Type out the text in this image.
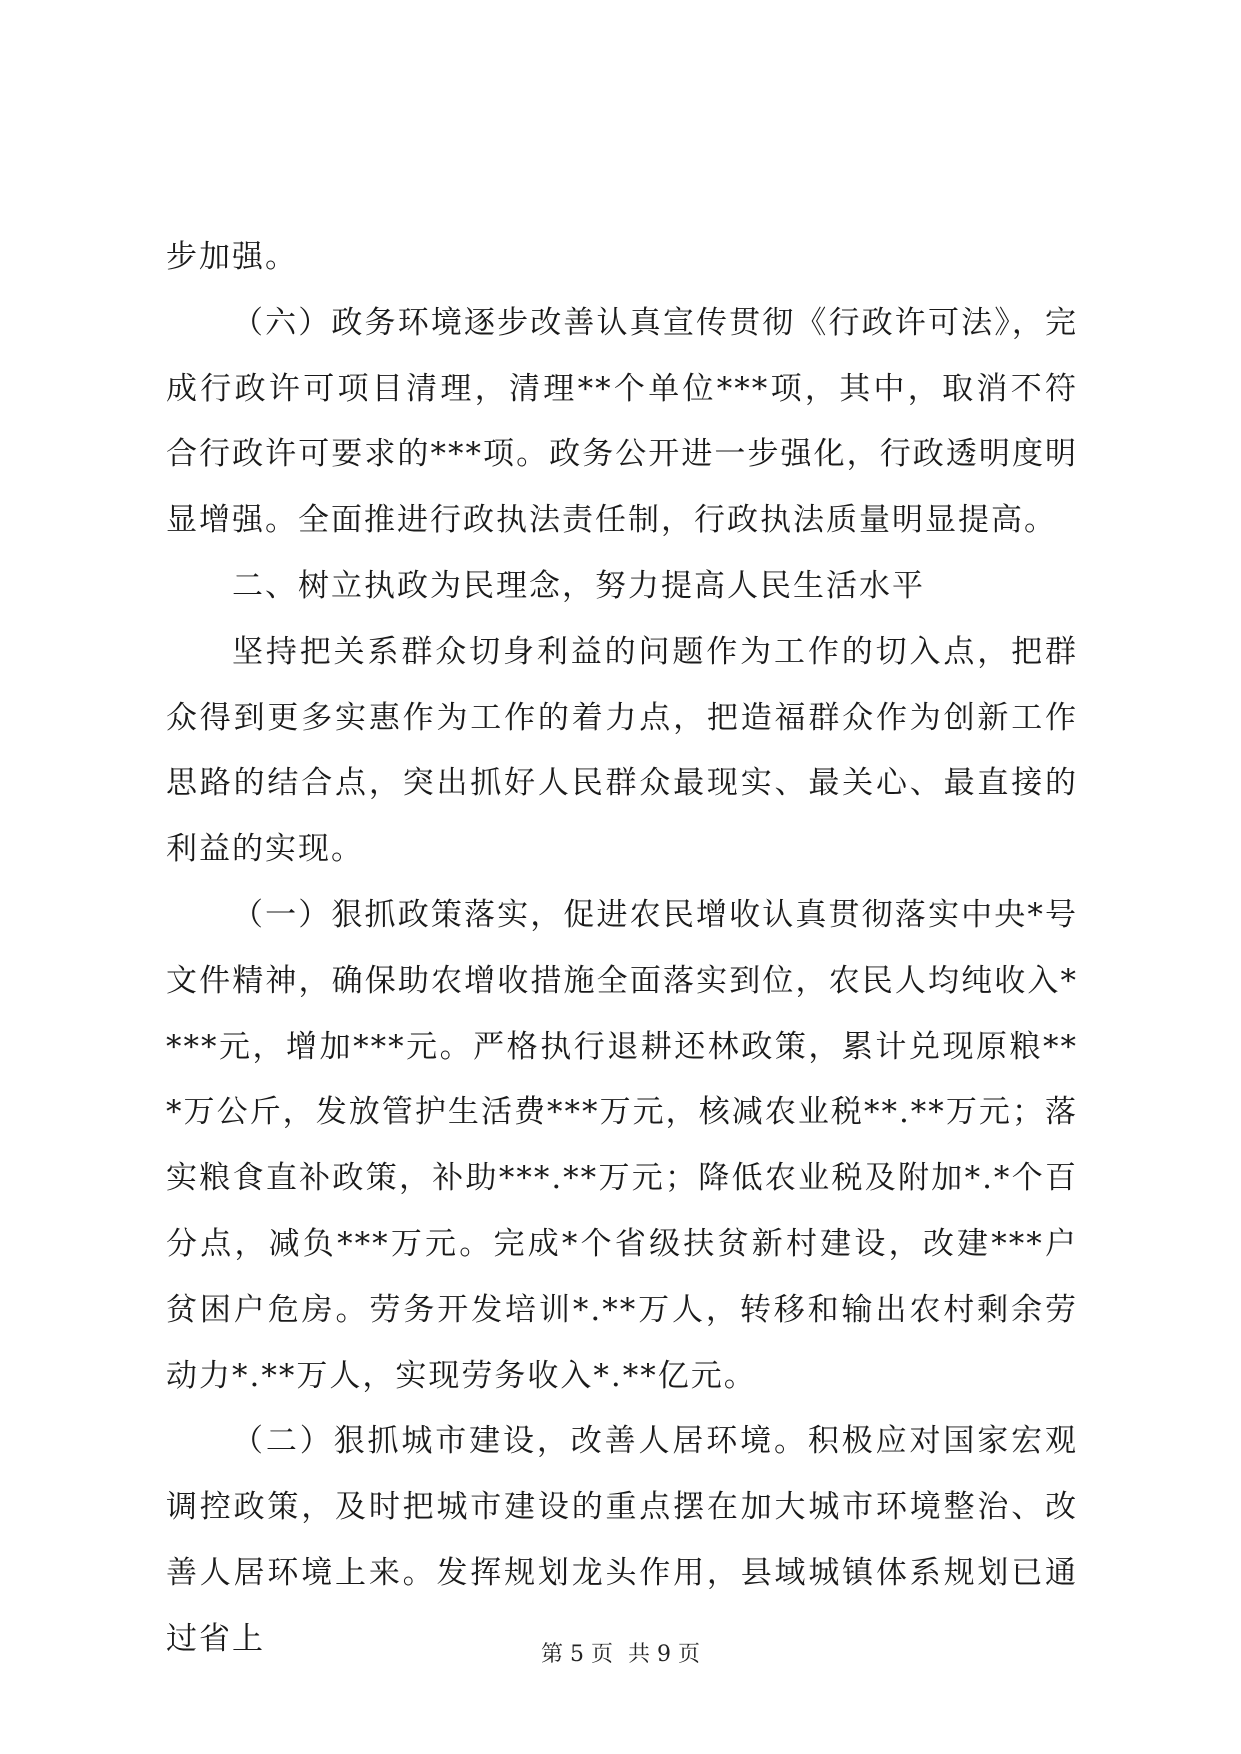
步加强。

（六）政务环境逐步改善认真宣传贯彻《行政许可法》，完成行政许可项目清理，清理**个单位***项，其中，取消不符合行政许可要求的***项。政务公开进一步强化，行政透明度明显增强。全面推进行政执法责任制，行政执法质量明显提高。

二、树立执政为民理念，努力提高人民生活水平

坚持把关系群众切身利益的问题作为工作的切入点，把群众得到更多实惠作为工作的着力点，把造福群众作为创新工作思路的结合点，突出抓好人民群众最现实、最关心、最直接的利益的实现。

（一）狠抓政策落实，促进农民增收认真贯彻落实中央*号文件精神，确保助农增收措施全面落实到位，农民人均纯收入****元，增加***元。严格执行退耕还林政策，累计兑现原粮***万公斤，发放管护生活费***万元，核减农业税**.**万元；落实粮食直补政策，补助***.**万元；降低农业税及附加*.*个百分点，减负***万元。完成*个省级扶贫新村建设，改建***户贫困户危房。劳务开发培训*.**万人，转移和输出农村剩余劳动力*.**万人，实现劳务收入*.**亿元。

（二）狠抓城市建设，改善人居环境。积极应对国家宏观调控政策，及时把城市建设的重点摆在加大城市环境整治、改善人居环境上来。发挥规划龙头作用，县域城镇体系规划已通过省上	第 5 页 共 9 页
